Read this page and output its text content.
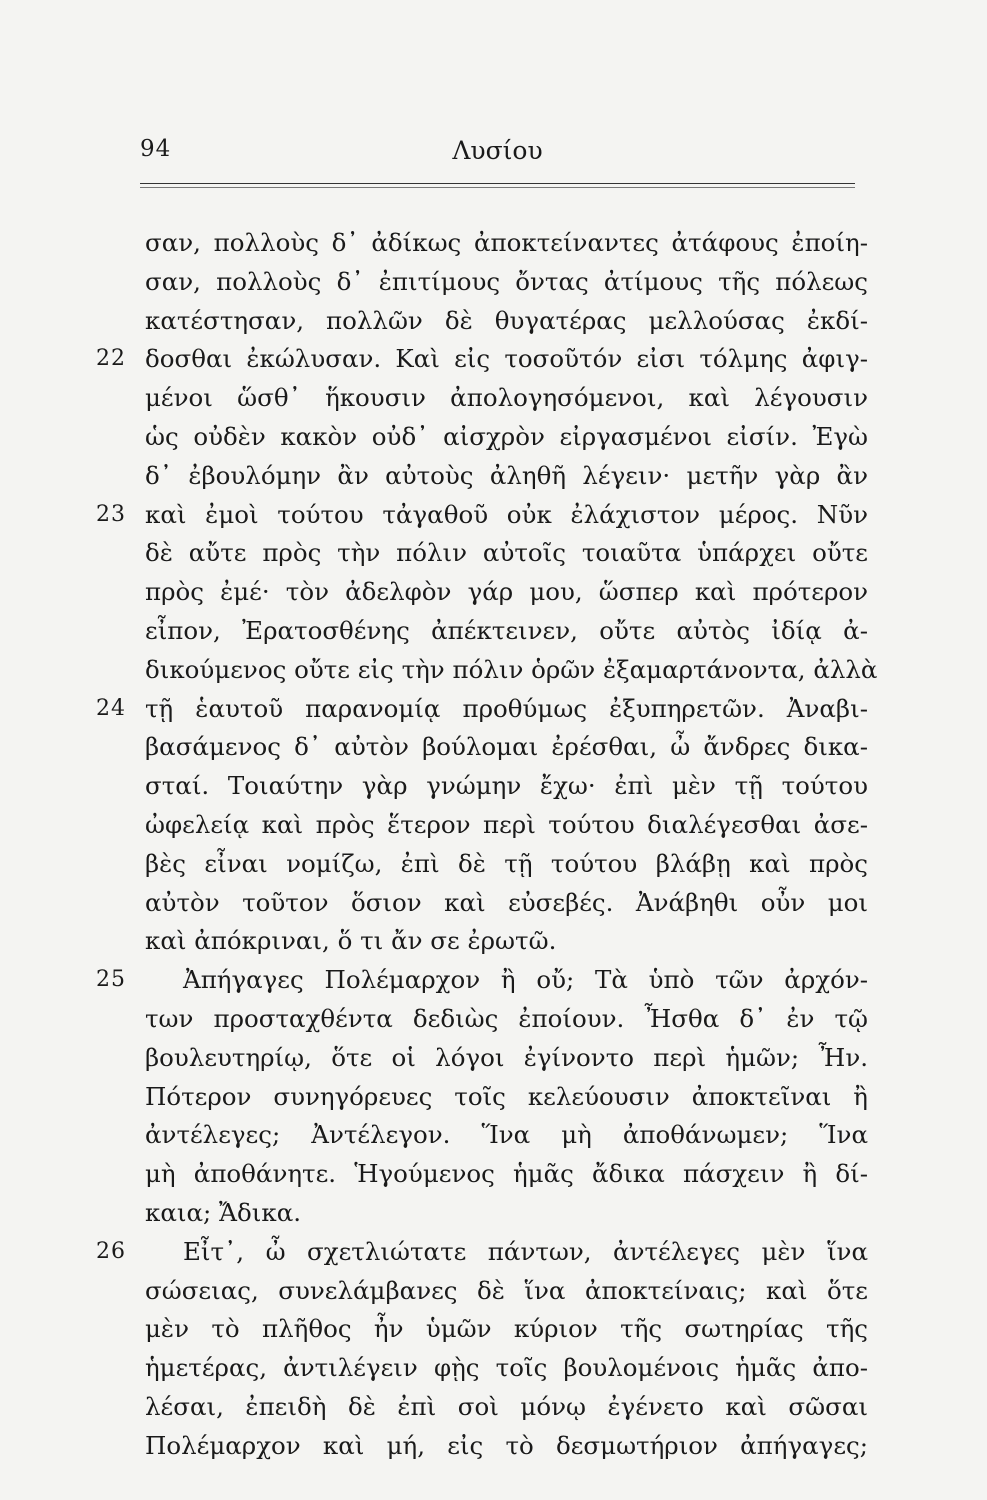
94	Λυσίου
σαν, πολλοὺς δ᾽ ἀδίκως ἀποκτείναντες ἀτάφους ἐποίη-
σαν, πολλοὺς δ᾽ ἐπιτίμους ὄντας ἀτίμους τῆς πόλεως
κατέστησαν, πολλῶν δὲ θυγατέρας μελλούσας ἐκδί-
22 δοσθαι ἐκώλυσαν. Καὶ εἰς τοσοῦτόν εἰσι τόλμης ἀφιγ-
μένοι ὥσθ᾽ ἥκουσιν ἀπολογησόμενοι, καὶ λέγουσιν
ὡς οὐδὲν κακὸν οὐδ᾽ αἰσχρὸν εἰργασμένοι εἰσίν. Ἐγὼ
δ᾽ ἐβουλόμην ἂν αὐτοὺς ἀληθῆ λέγειν· μετῆν γὰρ ἂν
23 καὶ ἐμοὶ τούτου τἀγαθοῦ οὐκ ἐλάχιστον μέρος. Νῦν
δὲ αὔτε πρὸς τὴν πόλιν αὐτοῖς τοιαῦτα ὑπάρχει οὔτε
πρὸς ἐμέ· τὸν ἀδελφὸν γάρ μου, ὥσπερ καὶ πρότερον
εἶπον, Ἐρατοσθένης ἀπέκτεινεν, οὔτε αὐτὸς ἰδίᾳ ἀ-
δικούμενος οὔτε εἰς τὴν πόλιν ὁρῶν ἐξαμαρτάνοντα, ἀλλὰ
24 τῇ ἑαυτοῦ παρανομίᾳ προθύμως ἐξυπηρετῶν. Ἀναβι-
βασάμενος δ᾽ αὐτὸν βούλομαι ἐρέσθαι, ὦ ἄνδρες δικα-
σταί. Τοιαύτην γὰρ γνώμην ἔχω· ἐπὶ μὲν τῇ τούτου
ὠφελείᾳ καὶ πρὸς ἕτερον περὶ τούτου διαλέγεσθαι ἀσε-
βὲς εἶναι νομίζω, ἐπὶ δὲ τῇ τούτου βλάβῃ καὶ πρὸς
αὐτὸν τοῦτον ὅσιον καὶ εὐσεβές. Ἀνάβηθι οὖν μοι
καὶ ἀπόκριναι, ὅ τι ἄν σε ἐρωτῶ.
25	Ἀπήγαγες Πολέμαρχον ἢ οὔ; Τὰ ὑπὸ τῶν ἀρχόν-
των προσταχθέντα δεδιὼς ἐποίουν. Ἦσθα δ᾽ ἐν τῷ
βουλευτηρίῳ, ὅτε οἱ λόγοι ἐγίνοντο περὶ ἡμῶν; Ἦν.
Πότερον συνηγόρευες τοῖς κελεύουσιν ἀποκτεῖναι ἢ
ἀντέλεγες; Ἀντέλεγον. Ἵνα μὴ ἀποθάνωμεν; Ἵνα
μὴ ἀποθάνητε. Ἡγούμενος ἡμᾶς ἄδικα πάσχειν ἢ δί-
καια; Ἄδικα.
26	Εἶτ᾽, ὦ σχετλιώτατε πάντων, ἀντέλεγες μὲν ἵνα
σώσειας, συνελάμβανες δὲ ἵνα ἀποκτείναις; καὶ ὅτε
μὲν τὸ πλῆθος ἦν ὑμῶν κύριον τῆς σωτηρίας τῆς
ἡμετέρας, ἀντιλέγειν φῂς τοῖς βουλομένοις ἡμᾶς ἀπο-
λέσαι, ἐπειδὴ δὲ ἐπὶ σοὶ μόνῳ ἐγένετο καὶ σῶσαι
Πολέμαρχον καὶ μή, εἰς τὸ δεσμωτήριον ἀπήγαγες;
